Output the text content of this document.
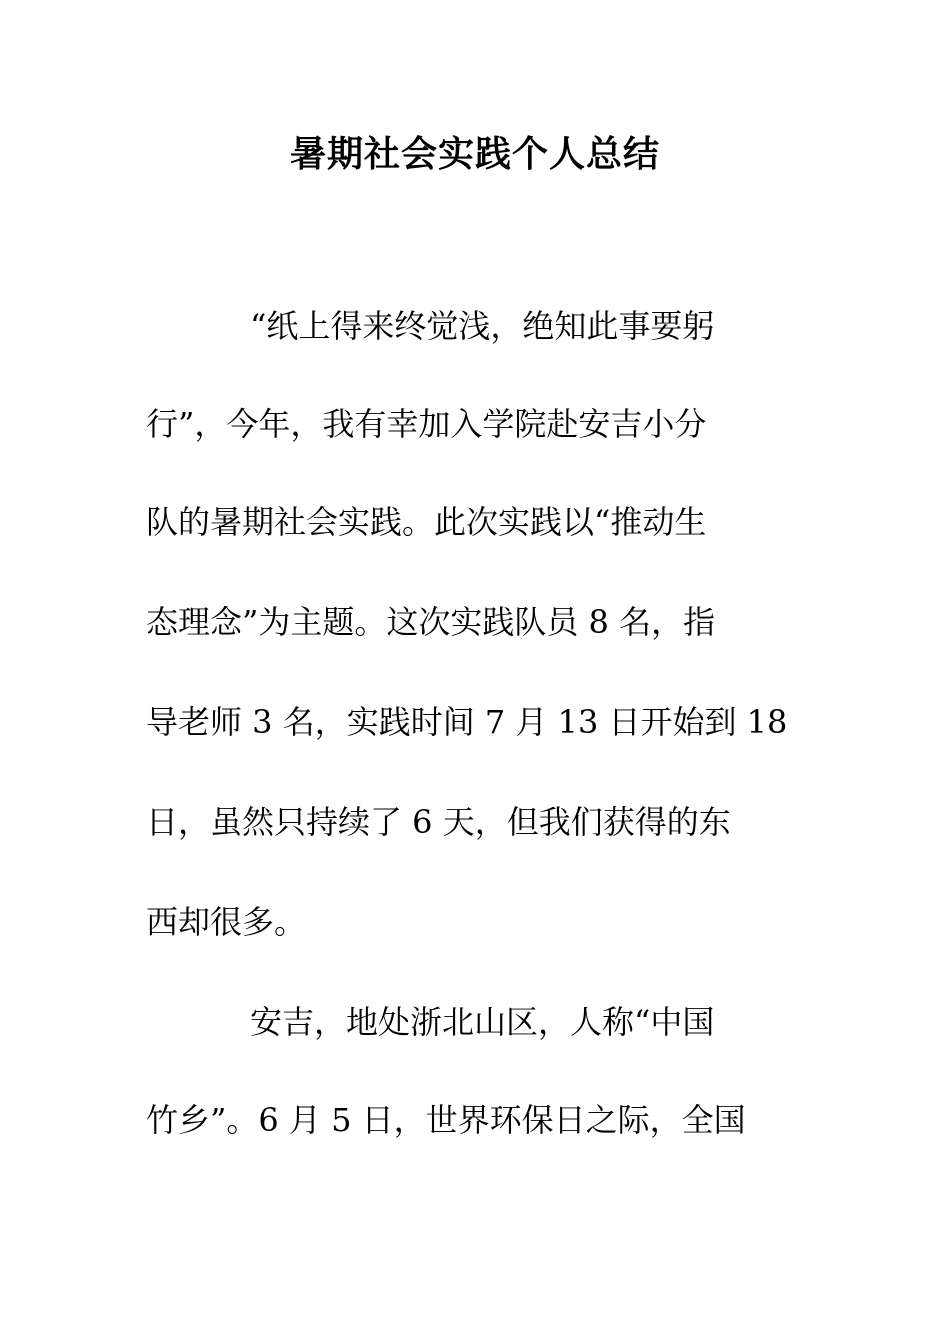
暑期社会实践个人总结
“纸上得来终觉浅，绝知此事要躬
行”，今年，我有幸加入学院赴安吉小分
队的暑期社会实践。此次实践以“推动生
态理念”为主题。这次实践队员 8 名，指
导老师 3 名，实践时间 7 月 13 日开始到 18
日，虽然只持续了 6 天，但我们获得的东
西却很多。
安吉，地处浙北山区，人称“中国
竹乡”。6 月 5 日，世界环保日之际，全国
